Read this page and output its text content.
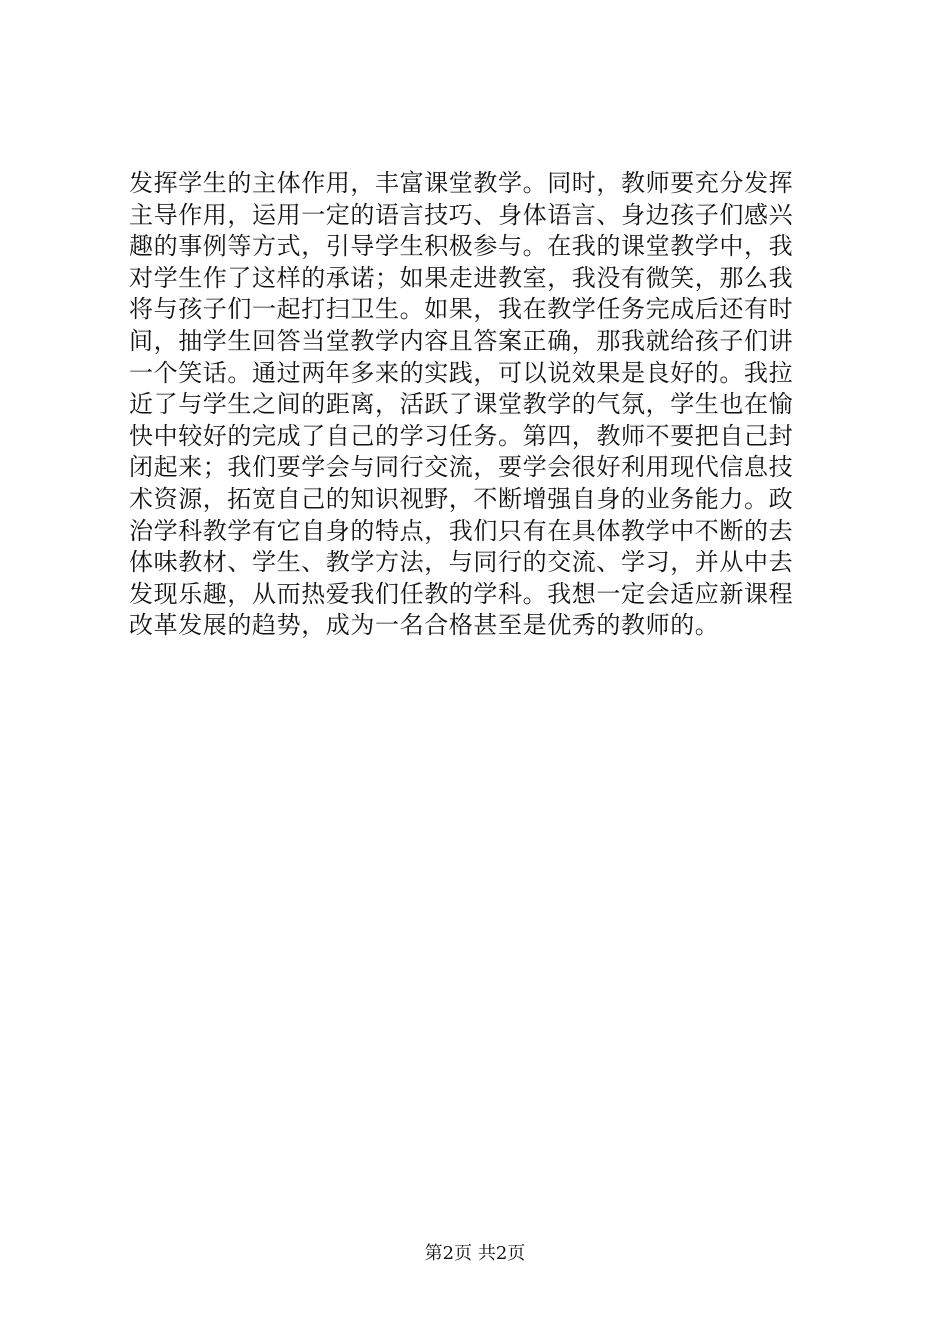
发挥学生的主体作用，丰富课堂教学。同时，教师要充分发挥
主导作用，运用一定的语言技巧、身体语言、身边孩子们感兴
趣的事例等方式，引导学生积极参与。在我的课堂教学中，我
对学生作了这样的承诺；如果走进教室，我没有微笑，那么我
将与孩子们一起打扫卫生。如果，我在教学任务完成后还有时
间，抽学生回答当堂教学内容且答案正确，那我就给孩子们讲
一个笑话。通过两年多来的实践，可以说效果是良好的。我拉
近了与学生之间的距离，活跃了课堂教学的气氛，学生也在愉
快中较好的完成了自己的学习任务。第四，教师不要把自己封
闭起来；我们要学会与同行交流，要学会很好利用现代信息技
术资源，拓宽自己的知识视野，不断增强自身的业务能力。政
治学科教学有它自身的特点，我们只有在具体教学中不断的去
体味教材、学生、教学方法，与同行的交流、学习，并从中去
发现乐趣，从而热爱我们任教的学科。我想一定会适应新课程
改革发展的趋势，成为一名合格甚至是优秀的教师的。
第2页 共2页
